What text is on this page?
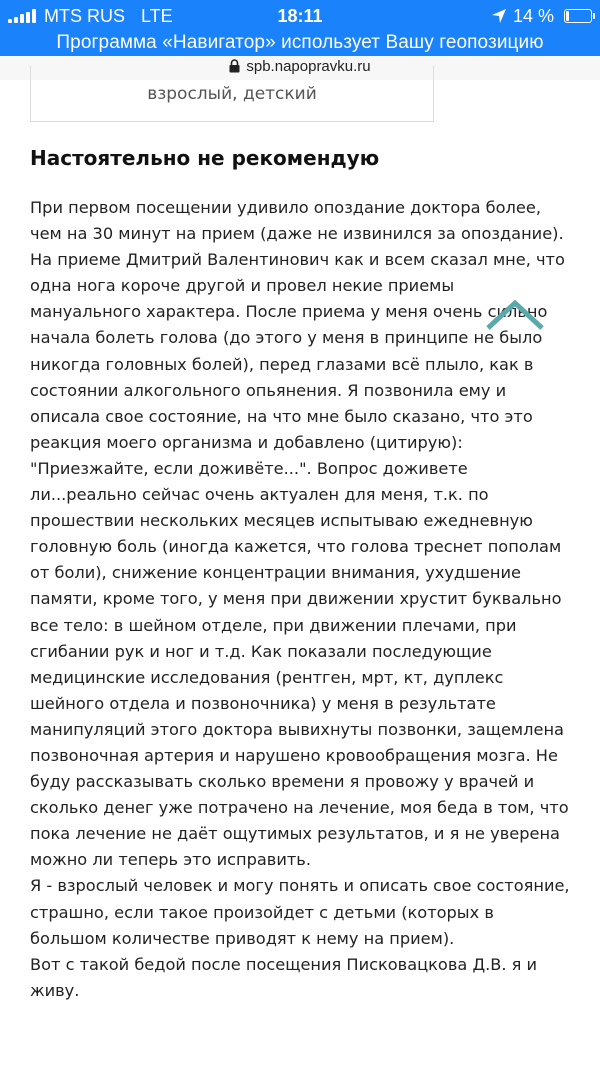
MTS RUS LTE	18:11	14 %
Программа «Навигатор» использует Вашу геопозицию
spb.napopravku.ru
взрослый, детский
Настоятельно не рекомендую

При первом посещении удивило опоздание доктора более, чем на 30 минут на прием (даже не извинился за опоздание). На приеме Дмитрий Валентинович как и всем сказал мне, что одна нога короче другой и провел некие приемы мануального характера. После приема у меня очень сильно начала болеть голова (до этого у меня в принципе не было никогда головных болей), перед глазами всё плыло, как в состоянии алкогольного опьянения. Я позвонила ему и описала свое состояние, на что мне было сказано, что это реакция моего организма и добавлено (цитирую): "Приезжайте, если доживёте...". Вопрос доживете ли...реально сейчас очень актуален для меня, т.к. по прошествии нескольких месяцев испытываю ежедневную головную боль (иногда кажется, что голова треснет пополам от боли), снижение концентрации внимания, ухудшение памяти, кроме того, у меня при движении хрустит буквально все тело: в шейном отделе, при движении плечами, при сгибании рук и ног и т.д. Как показали последующие медицинские исследования (рентген, мрт, кт, дуплекс шейного отдела и позвоночника) у меня в результате манипуляций этого доктора вывихнуты позвонки, защемлена позвоночная артерия и нарушено кровообращения мозга. Не буду рассказывать сколько времени я провожу у врачей и сколько денег уже потрачено на лечение, моя беда в том, что пока лечение не даёт ощутимых результатов, и я не уверена можно ли теперь это исправить.

Я - взрослый человек и могу понять и описать свое состояние, страшно, если такое произойдет с детьми (которых в большом количестве приводят к нему на прием).

Вот с такой бедой после посещения Писковацкова Д.В. я и живу.
